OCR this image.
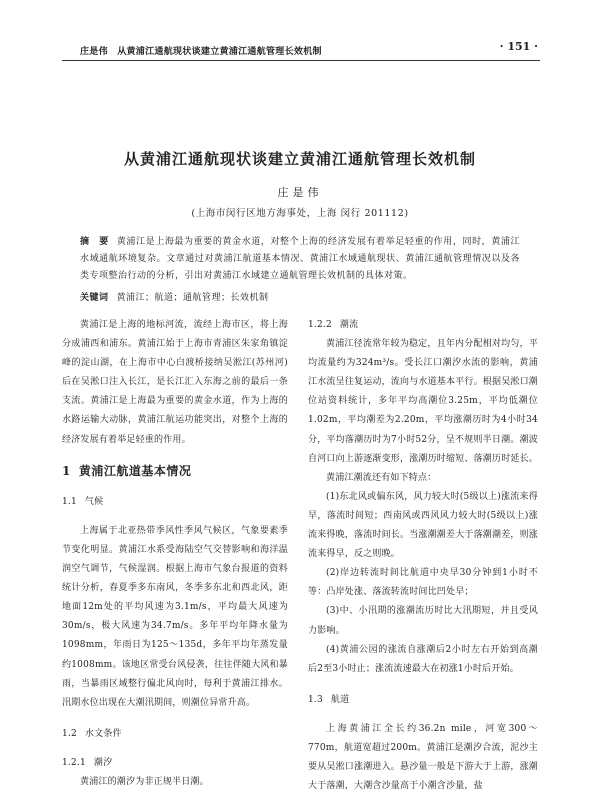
庄是伟　从黄浦江通航现状谈建立黄浦江通航管理长效机制	· 151 ·
从黄浦江通航现状谈建立黄浦江通航管理长效机制
庄是伟
(上海市闵行区地方海事处，上海 闵行 201112)
摘　要 黄浦江是上海最为重要的黄金水道，对整个上海的经济发展有着举足轻重的作用，同时，黄浦江水域通航环境复杂。文章通过对黄浦江航道基本情况、黄浦江水域通航现状、黄浦江通航管理情况以及各类专项整治行动的分析，引出对黄浦江水域建立通航管理长效机制的具体对策。
关键词 黄浦江；航道；通航管理；长效机制

黄浦江是上海的地标河流，流经上海市区，将上海分成浦西和浦东。黄浦江始于上海市青浦区朱家角镇淀峰的淀山湖，在上海市中心白渡桥接纳吴淞江(苏州河)后在吴淞口注入长江，是长江汇入东海之前的最后一条支流。黄浦江是上海最为重要的黄金水道，作为上海的水路运输大动脉，黄浦江航运功能突出，对整个上海的经济发展有着举足轻重的作用。

1 黄浦江航道基本情况

1.1 气候

上海属于北亚热带季风性季风气候区，气象要素季节变化明显。黄浦江水系受海陆空气交替影响和海洋温润空气调节，气候湿润。根据上海市气象台报道的资料统计分析，春夏季多东南风，冬季多东北和西北风，距地面12m处的平均风速为3.1m/s，平均最大风速为30m/s，极大风速为34.7m/s。多年平均年降水量为1098mm，年雨日为125～135d，多年平均年蒸发量约1008mm。该地区常受台风侵袭，往往伴随大风和暴雨，当暴雨区域整行偏北风向时，每利于黄浦江排水。汛期水位出现在大潮汛期间，则潮位异常升高。

1.2 水文条件

1.2.1 潮汐

黄浦江的潮汐为非正规半日潮。

1.2.2 潮流

黄浦江径流常年较为稳定，且年内分配相对均匀，平均流量约为324m³/s。受长江口潮汐水流的影响，黄浦江水流呈往复运动，流向与水道基本平行。根据吴淞口潮位站资料统计，多年平均高潮位3.25m，平均低潮位1.02m，平均潮差为2.20m，平均涨潮历时为4小时34分，平均落潮历时为7小时52分，呈不规则半日潮。潮波自河口向上游逐渐变形，涨潮历时缩短、落潮历时延长。

黄浦江潮流还有如下特点：

(1)东北风或偏东风，风力较大时(5级以上)涨流来得早，落流时间短；西南风或西风风力较大时(5级以上)涨流来得晚，落流时间长。当涨潮潮差大于落潮潮差，则涨流来得早，反之则晚。

(2)岸边转流时间比航道中央早30分钟到1小时不等：凸岸处涨、落流转流时间比凹处早；

(3)中、小汛期的涨潮流历时比大汛期短，并且受风力影响。

(4)黄浦公园的涨流自涨潮后2小时左右开始到高潮后2至3小时止；涨流流速最大在初涨1小时后开始。

1.3 航道

上海黄浦江全长约36.2n mile，河宽300～770m，航道宽超过200m。黄浦江是潮汐合流，泥沙主要从吴淞口涨潮进入。悬沙量一般是下游大于上游，涨潮大于落潮，大潮含沙量高于小潮含沙量，盐
